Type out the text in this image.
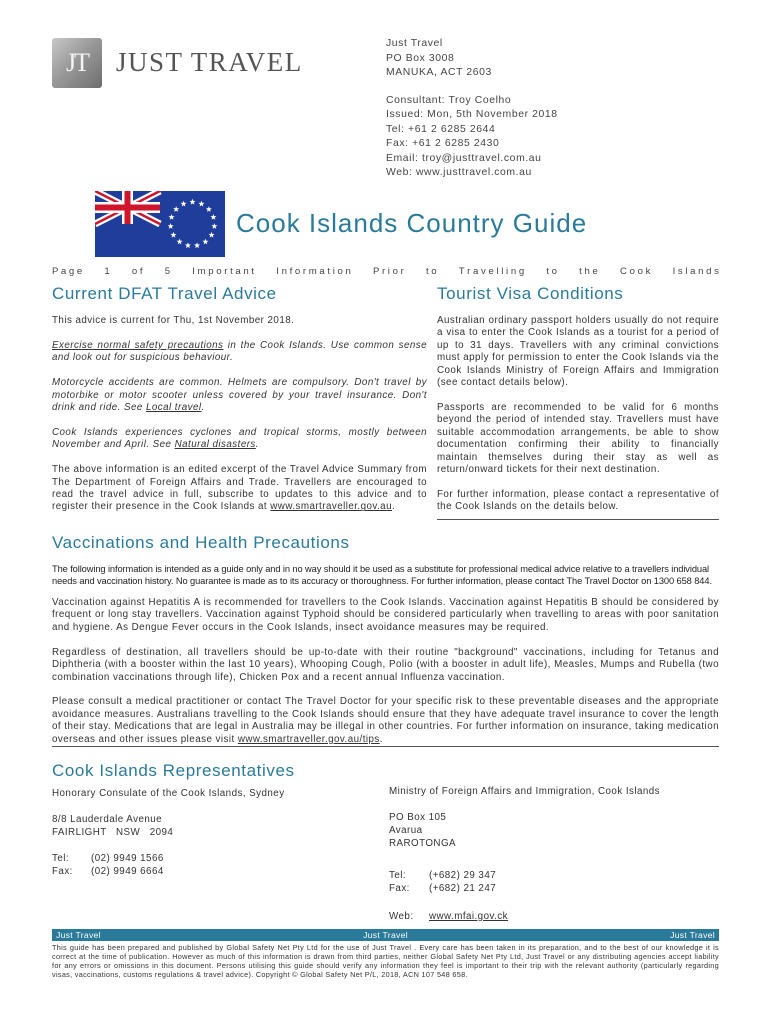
JT	JUST TRAVEL
Just Travel
PO Box 3008
MANUKA, ACT 2603
Consultant: Troy Coelho
Issued: Mon, 5th November 2018
Tel: +61 2 6285 2644
Fax: +61 2 6285 2430
Email: troy@justtravel.com.au
Web: www.justtravel.com.au
Cook Islands Country Guide
P a g e 1 o f 5 I m p o r t a n t I n f o r m a t i o n P r i o r t o T r a v e l l i n g t o t h e C o o k I s l a n d s
Current DFAT Travel Advice

This advice is current for Thu, 1st November 2018.

Exercise normal safety precautions in the Cook Islands. Use common sense and look out for suspicious behaviour.

Motorcycle accidents are common. Helmets are compulsory. Don't travel by motorbike or motor scooter unless covered by your travel insurance. Don't drink and ride. See Local travel.

Cook Islands experiences cyclones and tropical storms, mostly between November and April. See Natural disasters.

The above information is an edited excerpt of the Travel Advice Summary from The Department of Foreign Affairs and Trade. Travellers are encouraged to read the travel advice in full, subscribe to updates to this advice and to register their presence in the Cook Islands at www.smartraveller.gov.au.

Tourist Visa Conditions

Australian ordinary passport holders usually do not require a visa to enter the Cook Islands as a tourist for a period of up to 31 days. Travellers with any criminal convictions must apply for permission to enter the Cook Islands via the Cook Islands Ministry of Foreign Affairs and Immigration (see contact details below).

Passports are recommended to be valid for 6 months beyond the period of intended stay. Travellers must have suitable accommodation arrangements, be able to show documentation confirming their ability to financially maintain themselves during their stay as well as return/onward tickets for their next destination.

For further information, please contact a representative of the Cook Islands on the details below.

Vaccinations and Health Precautions
The following information is intended as a guide only and in no way should it be used as a substitute for professional medical advice relative to a travellers individual needs and vaccination history. No guarantee is made as to its accuracy or thoroughness. For further information, please contact The Travel Doctor on 1300 658 844.

Vaccination against Hepatitis A is recommended for travellers to the Cook Islands. Vaccination against Hepatitis B should be considered by frequent or long stay travellers. Vaccination against Typhoid should be considered particularly when travelling to areas with poor sanitation and hygiene. As Dengue Fever occurs in the Cook Islands, insect avoidance measures may be required.

Regardless of destination, all travellers should be up-to-date with their routine "background" vaccinations, including for Tetanus and Diphtheria (with a booster within the last 10 years), Whooping Cough, Polio (with a booster in adult life), Measles, Mumps and Rubella (two combination vaccinations through life), Chicken Pox and a recent annual Influenza vaccination.

Please consult a medical practitioner or contact The Travel Doctor for your specific risk to these preventable diseases and the appropriate avoidance measures. Australians travelling to the Cook Islands should ensure that they have adequate travel insurance to cover the length of their stay. Medications that are legal in Australia may be illegal in other countries. For further information on insurance, taking medication overseas and other issues please visit www.smartraveller.gov.au/tips.

Cook Islands Representatives
Honorary Consulate of the Cook Islands, Sydney
8/8 Lauderdale Avenue
FAIRLIGHT   NSW   2094
Tel:	(02) 9949 1566
Fax:	(02) 9949 6664
Ministry of Foreign Affairs and Immigration, Cook Islands
PO Box 105
Avarua
RAROTONGA
Tel:	(+682) 29 347
Fax:	(+682) 21 247
Web:	www.mfai.gov.ck
Just Travel	Just Travel	Just Travel
This guide has been prepared and published by Global Safety Net Pty Ltd for the use of Just Travel . Every care has been taken in its preparation, and to the best of our knowledge it is correct at the time of publication. However as much of this information is drawn from third parties, neither Global Safety Net Pty Ltd, Just Travel or any distributing agencies accept liability for any errors or omissions in this document. Persons utilising this guide should verify any information they feel is important to their trip with the relevant authority (particularly regarding visas, vaccinations, customs regulations & travel advice). Copyright © Global Safety Net P/L, 2018, ACN 107 548 658.
